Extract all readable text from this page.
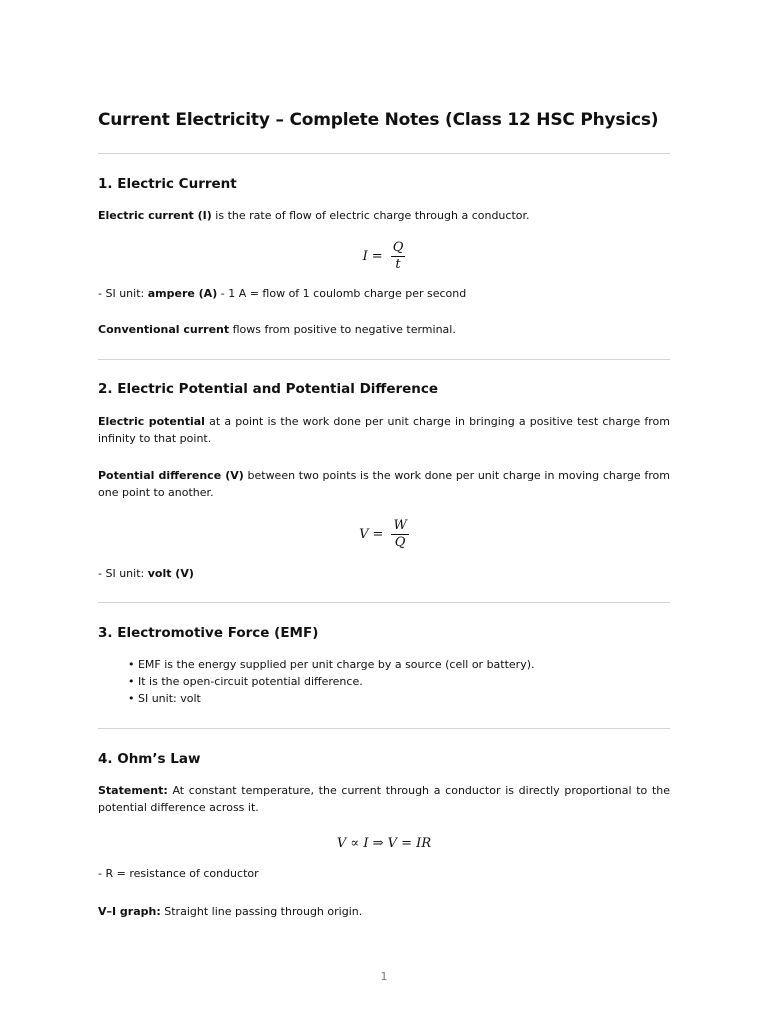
Current Electricity – Complete Notes (Class 12 HSC Physics)
1. Electric Current
Electric current (I) is the rate of flow of electric charge through a conductor.
$I = \frac{Q}{t}$
- SI unit: ampere (A) - 1 A = flow of 1 coulomb charge per second
Conventional current flows from positive to negative terminal.
2. Electric Potential and Potential Difference
Electric potential at a point is the work done per unit charge in bringing a positive test charge from infinity to that point.
Potential difference (V) between two points is the work done per unit charge in moving charge from one point to another.
$V = \frac{W}{Q}$
- SI unit: volt (V)
3. Electromotive Force (EMF)
• EMF is the energy supplied per unit charge by a source (cell or battery).
• It is the open-circuit potential difference.
• SI unit: volt
4. Ohm’s Law
Statement: At constant temperature, the current through a conductor is directly proportional to the potential difference across it.
V ∝ I ⇒ V = IR
- R = resistance of conductor
V–I graph: Straight line passing through origin.
1
